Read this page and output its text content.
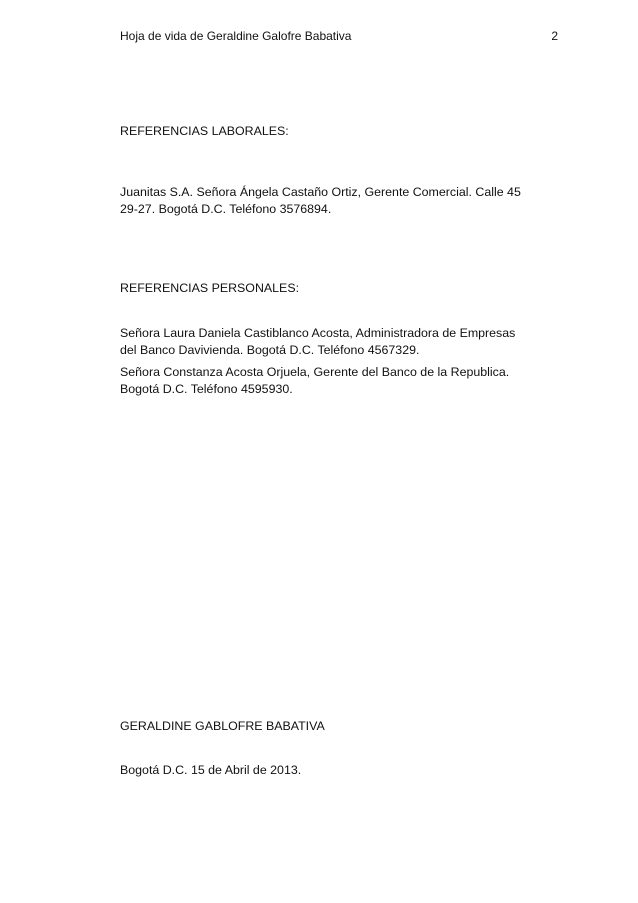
Hoja de vida de Geraldine Galofre Babativa	2
REFERENCIAS LABORALES:
Juanitas S.A. Señora Ángela Castaño Ortiz, Gerente Comercial. Calle 45
29-27. Bogotá D.C. Teléfono 3576894.
REFERENCIAS PERSONALES:
Señora Laura Daniela Castiblanco Acosta, Administradora de Empresas
del Banco Davivienda. Bogotá D.C. Teléfono 4567329.
Señora Constanza Acosta Orjuela, Gerente del Banco de la Republica.
Bogotá D.C. Teléfono 4595930.
GERALDINE GABLOFRE BABATIVA
Bogotá D.C. 15 de Abril de 2013.
